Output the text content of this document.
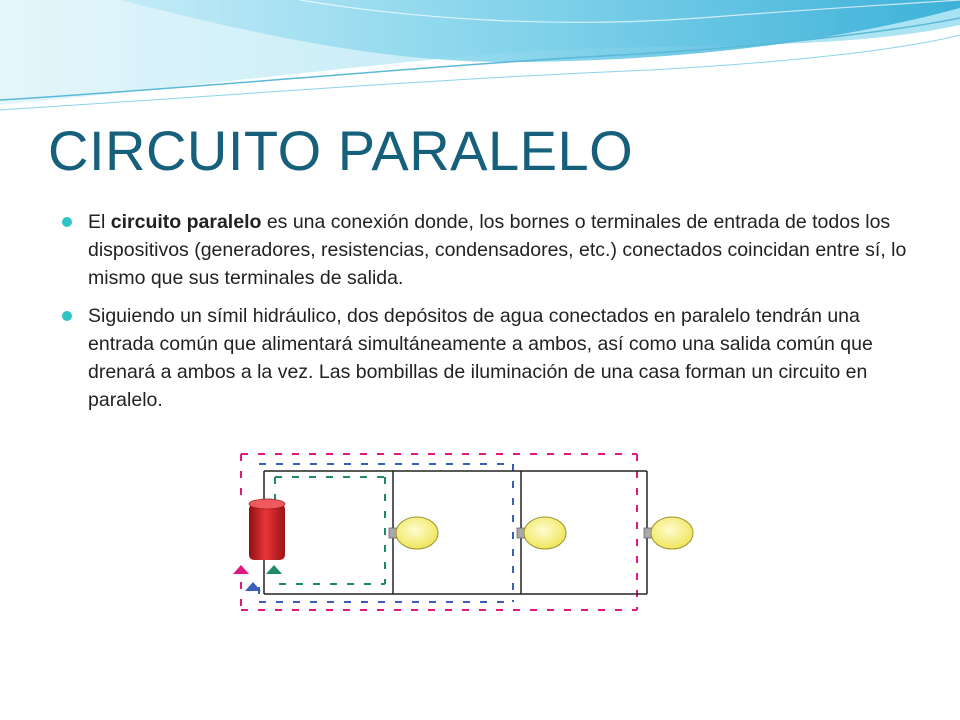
CIRCUITO PARALELO
El circuito paralelo es una conexión donde, los bornes o terminales de entrada de todos los dispositivos (generadores, resistencias, condensadores, etc.) conectados coincidan entre sí, lo mismo que sus terminales de salida.
Siguiendo un símil hidráulico, dos depósitos de agua conectados en paralelo tendrán una entrada común que alimentará simultáneamente a ambos, así como una salida común que drenará a ambos a la vez. Las bombillas de iluminación de una casa forman un circuito en paralelo.
